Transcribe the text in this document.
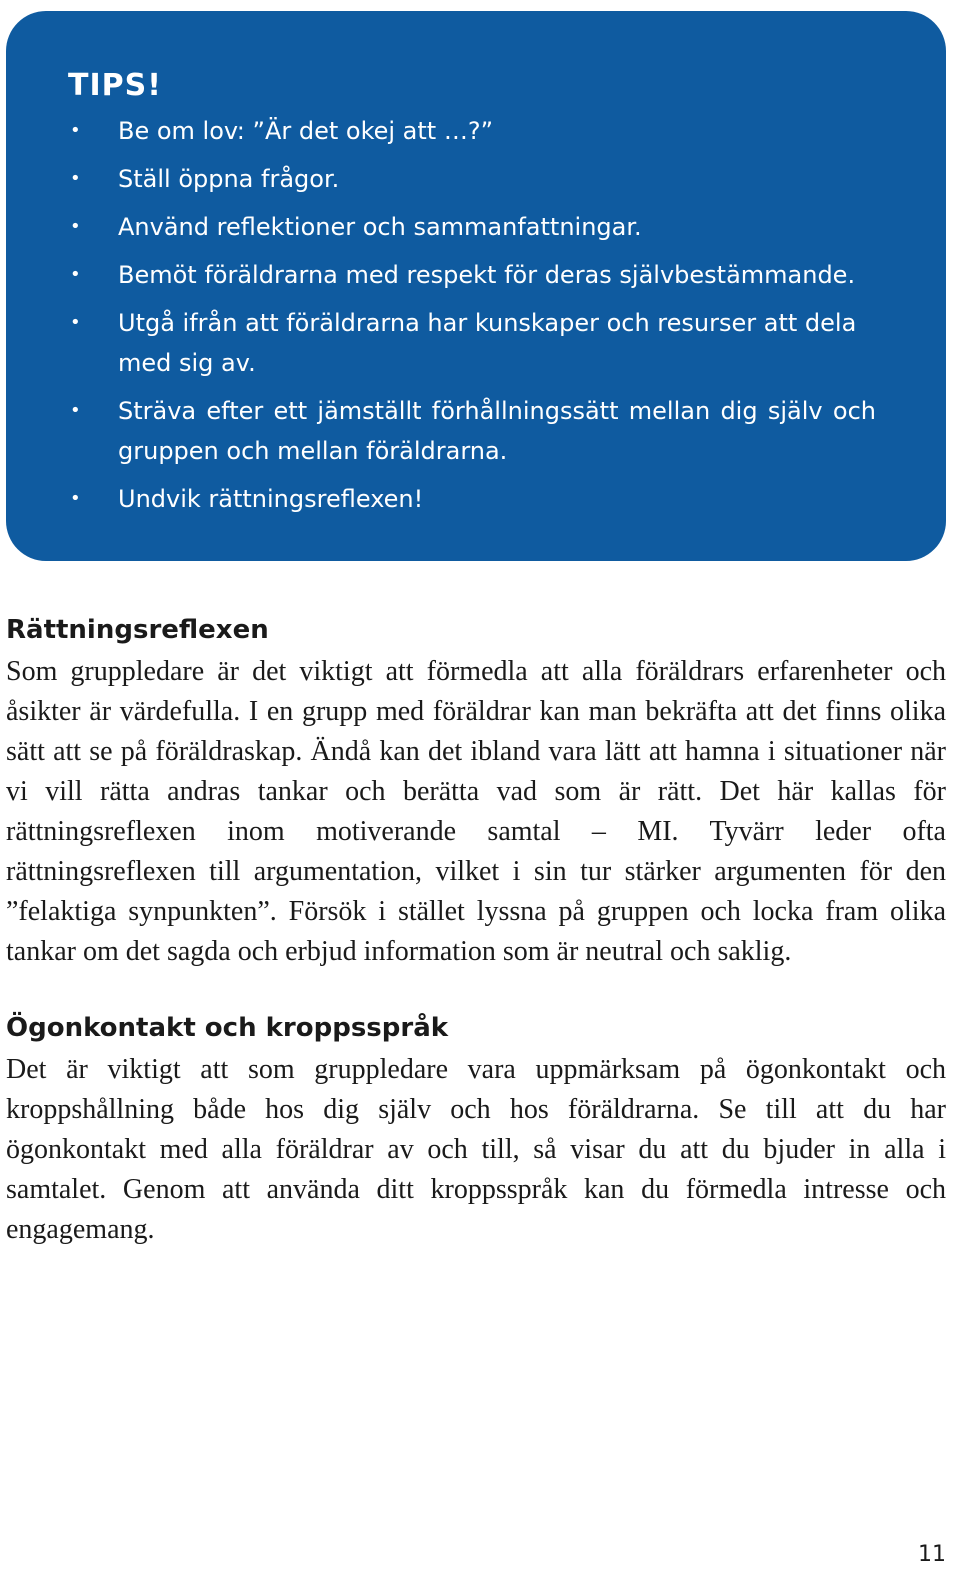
TIPS!
• Be om lov: ”Är det okej att …?”
• Ställ öppna frågor.
• Använd reflektioner och sammanfattningar.
• Bemöt föräldrarna med respekt för deras självbestämmande.
• Utgå ifrån att föräldrarna har kunskaper och resurser att dela med sig av.
• Sträva efter ett jämställt förhållningssätt mellan dig själv och gruppen och mellan föräldrarna.
• Undvik rättningsreflexen!
Rättningsreflexen

Som gruppledare är det viktigt att förmedla att alla föräldrars erfarenheter och åsikter är värdefulla. I en grupp med föräldrar kan man bekräfta att det finns olika sätt att se på föräldraskap. Ändå kan det ibland vara lätt att hamna i situationer när vi vill rätta andras tankar och berätta vad som är rätt. Det här kallas för rättningsreflexen inom motiverande samtal – MI. Tyvärr leder ofta rättningsreflexen till argumentation, vilket i sin tur stärker argumenten för den ”felaktiga synpunkten”. Försök i stället lyssna på gruppen och locka fram olika tankar om det sagda och erbjud information som är neutral och saklig.

Ögonkontakt och kroppsspråk

Det är viktigt att som gruppledare vara uppmärksam på ögonkontakt och kroppshållning både hos dig själv och hos föräldrarna. Se till att du har ögonkontakt med alla föräldrar av och till, så visar du att du bjuder in alla i samtalet. Genom att använda ditt kroppsspråk kan du förmedla intresse och engagemang.

11
